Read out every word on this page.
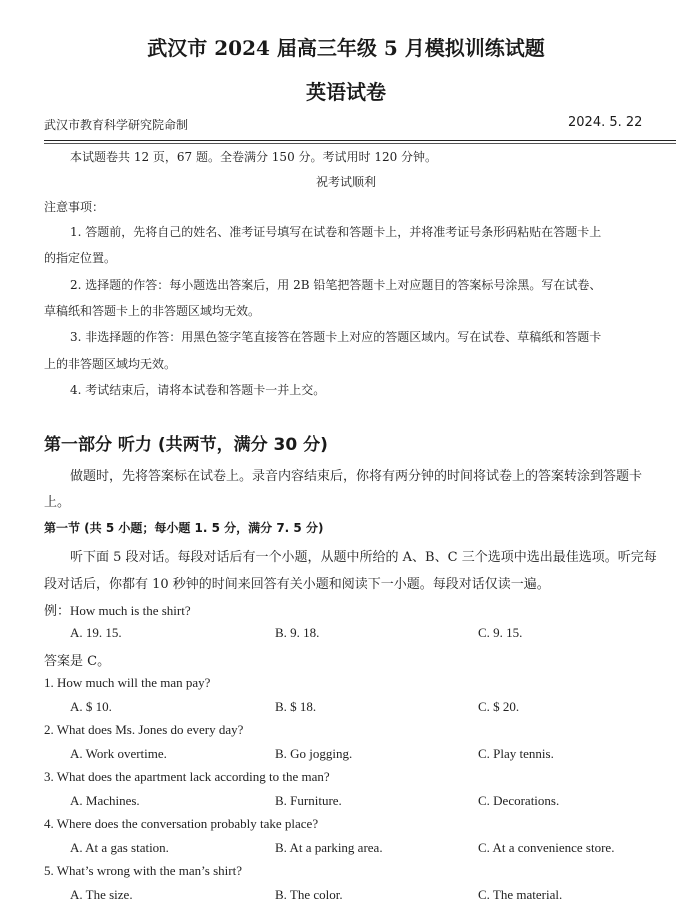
武汉市 2024 届高三年级 5 月模拟训练试题
英语试卷
武汉市教育科学研究院命制	2024. 5. 22
本试题卷共 12 页，67 题。全卷满分 150 分。考试用时 120 分钟。
祝考试顺利
注意事项：
1. 答题前，先将自己的姓名、准考证号填写在试卷和答题卡上，并将准考证号条形码粘贴在答题卡上
的指定位置。
2. 选择题的作答：每小题选出答案后，用 2B 铅笔把答题卡上对应题目的答案标号涂黑。写在试卷、
草稿纸和答题卡上的非答题区域均无效。
3. 非选择题的作答：用黑色签字笔直接答在答题卡上对应的答题区域内。写在试卷、草稿纸和答题卡
上的非答题区域均无效。
4. 考试结束后，请将本试卷和答题卡一并上交。
第一部分 听力 (共两节，满分 30 分)
做题时，先将答案标在试卷上。录音内容结束后，你将有两分钟的时间将试卷上的答案转涂到答题卡
上。
第一节 (共 5 小题；每小题 1. 5 分，满分 7. 5 分)
听下面 5 段对话。每段对话后有一个小题，从题中所给的 A、B、C 三个选项中选出最佳选项。听完每
段对话后，你都有 10 秒钟的时间来回答有关小题和阅读下一小题。每段对话仅读一遍。
例：How much is the shirt?
A. 19. 15.	B. 9. 18.	C. 9. 15.
答案是 C。
1. How much will the man pay?
A. $ 10.	B. $ 18.	C. $ 20.
2. What does Ms. Jones do every day?
A. Work overtime.	B. Go jogging.	C. Play tennis.
3. What does the apartment lack according to the man?
A. Machines.	B. Furniture.	C. Decorations.
4. Where does the conversation probably take place?
A. At a gas station.	B. At a parking area.	C. At a convenience store.
5. What’s wrong with the man’s shirt?
A. The size.	B. The color.	C. The material.
